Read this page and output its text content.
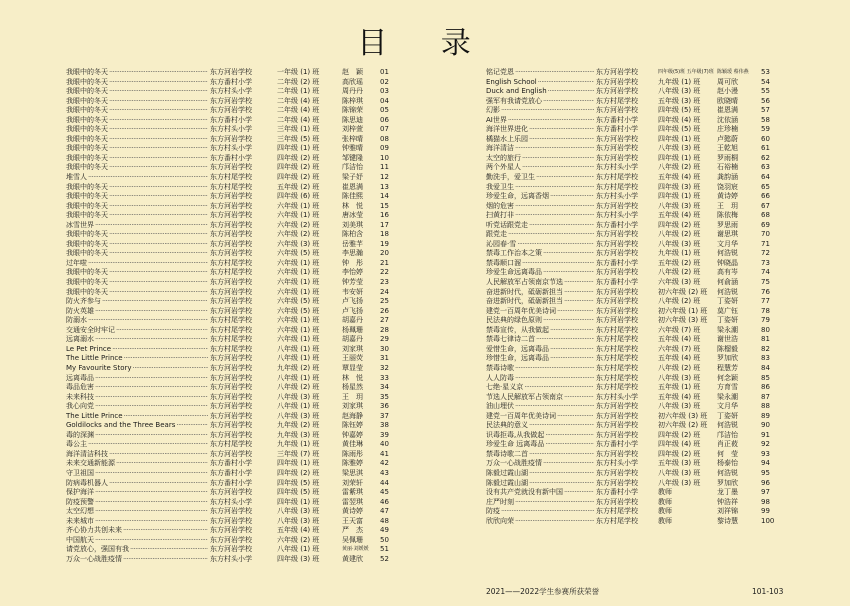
目 录
我眼中的冬天 ·····	东方河岩学校	一年级 (1) 班	赵　颖	01
我眼中的冬天 ·····	东方番村小学	二年级 (2) 班	高欣瑶	02
我眼中的冬天 ·····	东方村头小学	二年级 (1) 班	周丹丹	03
我眼中的冬天 ·····	东方河岩学校	二年级 (4) 班	陈梓琪	04
我眼中的冬天 ·····	东方河岩学校	二年级 (4) 班	陈锦荣	05
我眼中的冬天 ·····	东方番村小学	二年级 (4) 班	陈思迪	06
我眼中的冬天 ·····	东方村头小学	三年级 (1) 班	刘梓萱	07
我眼中的冬天 ·····	东方河岩学校	三年级 (5) 班	张梓晴	08
我眼中的冬天 ·····	东方村头小学	四年级 (1) 班	钟雅晴	09
我眼中的冬天 ·····	东方番村小学	四年级 (2) 班	邹键隆	10
我眼中的冬天 ·····	东方河岩学校	四年级 (2) 班	邝洁怡	11
堆雪人 ·····	东方村尾学校	四年级 (2) 班	梁子妤	12
我眼中的冬天 ·····	东方村尾学校	五年级 (2) 班	崔恩满	13
我眼中的冬天 ·····	东方河岩学校	四年级 (6) 班	陈佳熙	14
我眼中的冬天 ·····	东方河岩学校	六年级 (1) 班	林　悦	15
我眼中的冬天 ·····	东方河岩学校	六年级 (1) 班	唐冰莹	16
冰雪世界 ·····	东方河岩学校	六年级 (2) 班	刘美琪	17
我眼中的冬天 ·····	东方河岩学校	六年级 (2) 班	陈柏含	18
我眼中的冬天 ·····	东方河岩学校	六年级 (3) 班	岳雅芊	19
我眼中的冬天 ·····	东方河岩学校	六年级 (5) 班	李思瀚	20
过年啦 ·····	东方村尾学校	六年级 (1) 班	钟　彤	21
我眼中的冬天 ·····	东方村尾学校	六年级 (1) 班	李怡婷	22
我眼中的冬天 ·····	东方河岩学校	六年级 (1) 班	钟芳莹	23
我眼中的冬天 ·····	东方河岩学校	六年级 (1) 班	韦安妍	24
防火齐参与 ·····	东方河岩学校	六年级 (5) 班	卢飞扬	25
防火英雄 ·····	东方河岩学校	六年级 (5) 班	卢飞扬	26
防溺水 ·····	东方村尾学校	六年级 (1) 班	胡嘉丹	27
交通安全时牢记 ·····	东方村尾学校	六年级 (1) 班	杨珮珊	28
远离溺水 ·····	东方村尾学校	六年级 (1) 班	胡嘉丹	29
Le Pet Prince ·····	东方村尾学校	八年级 (1) 班	刘家琪	30
The Little Prince ·····	东方河岩学校	八年级 (1) 班	王丽荧	31
My Favourite Story ·····	东方河岩学校	九年级 (2) 班	覃显莹	32
远离毒品 ·····	东方河岩学校	八年级 (1) 班	林　悦	33
毒品危害 ·····	东方河岩学校	八年级 (2) 班	杨星然	34
未来科技 ·····	东方河岩学校	八年级 (3) 班	王　玥	35
我心向党 ·····	东方河岩学校	八年级 (1) 班	刘家琪	36
The Little Prince ·····	东方河岩学校	八年级 (3) 班	赵海静	37
Goldilocks and the Three Bears ·····	东方河岩学校	九年级 (2) 班	陈钰婷	38
毒的深渊 ·····	东方河岩学校	九年级 (3) 班	钟嘉婷	39
毒公主 ·····	东方村尾学校	九年级 (1) 班	黄佳琳	40
海洋清洁科技 ·····	东方河岩学校	三年级 (7) 班	陈雨彤	41
未来交通新能源 ·····	东方番村小学	四年级 (1) 班	陈雅婷	42
守卫祖国 ·····	东方番村小学	四年级 (2) 班	梁思淇	43
防病毒机器人 ·····	东方番村小学	四年级 (5) 班	刘荣轩	44
保护海洋 ·····	东方河岩学校	四年级 (5) 班	雷紫琪	45
防疫预警 ·····	东方村头小学	四年级 (1) 班	雷翌琪	46
太空幻想 ·····	东方河岩学校	八年级 (3) 班	黄诗婷	47
未来城市 ·····	东方河岩学校	八年级 (3) 班	王天富	48
齐心协力共创未来 ·····	东方河岩学校	五年级 (4) 班	严　杰	49
中国航天 ·····	东方河岩学校	六年级 (2) 班	吴佩珊	50
请党放心，强国有我 ·····	东方河岩学校	八年级 (1) 班	黄丽·刘媛媛	51
万众一心战胜疫情 ·····	东方村头小学	四年级 (3) 班	黄建欣	52
铭记党恩 ·····	东方河岩学校	四年级(5)班 五年级(7)班 陈颖瑗 蔡伟燕	53
English School ·····	东方河岩学校	九年级 (1) 班	周可欣	54
Duck and English ·····	东方河岩学校	八年级 (3) 班	赵小漫	55
强军有我请党放心 ·····	东方村尾学校	五年级 (3) 班	欧晓晴	56
幻影 ·····	东方河岩学校	四年级 (5) 班	崔恩满	57
AI世界 ·····	东方番村小学	四年级 (4) 班	沈依涵	58
海洋世界进化 ·····	东方番村小学	四年级 (5) 班	庄珍楠	59
橘猫水上乐园 ·····	东方河岩学校	四年级 (1) 班	卢懿蔚	60
海洋清洁 ·····	东方河岩学校	八年级 (3) 班	王乾旭	61
太空的旅行 ·····	东方河岩学校	四年级 (1) 班	罗雨桐	62
两个外星人 ·····	东方村头小学	八年级 (2) 班	石裕楠	63
勤洗手，爱卫生 ·····	东方村尾学校	五年级 (4) 班	龚韵涵	64
我爱卫生 ·····	东方村尾学校	四年级 (3) 班	饶羽宸	65
珍爱生命，远离香烟 ·····	东方村头小学	四年级 (1) 班	黄诗婷	66
烟的危害 ·····	东方河岩学校	八年级 (3) 班	王　玥	67
扫黄打非 ·····	东方村头小学	五年级 (4) 班	陈依梅	68
听党话跟党走 ·····	东方番村小学	四年级 (2) 班	罗思雨	69
跟党走 ·····	东方河岩学校	八年级 (2) 班	谢思琪	70
沁园春·雪 ·····	东方河岩学校	八年级 (3) 班	文月华	71
禁毒工作治本之策 ·····	东方河岩学校	九年级 (1) 班	何浩锐	72
禁毒顺口溜 ·····	东方番村小学	五年级 (2) 班	钟晓晶	73
珍爱生命远离毒品 ·····	东方河岩学校	八年级 (2) 班	高有岑	74
人民解放军占领南京节选 ·····	东方番村小学	六年级 (3) 班	何俞涵	75
奋进新时代，砥砺新担当 ·····	东方河岩学校	初六年级 (2) 班	何浩锐	76
奋进新时代，砥砺新担当 ·····	东方河岩学校	八年级 (2) 班	丁姿妍	77
建党一百周年优美诗词 ·····	东方河岩学校	初六年级 (1) 班	莫广钰	78
民法典的绿色原则 ·····	东方河岩学校	初六年级 (3) 班	丁姿妍	79
禁毒宣传，从我做起 ·····	东方村尾学校	六年级 (7) 班	梁永潮	80
禁毒七律诗二首 ·····	东方村尾学校	五年级 (4) 班	谢世浩	81
爱惜生命，远离毒品 ·····	东方村尾学校	六年级 (7) 班	陈榴毅	82
珍惜生命，远离毒品 ·····	东方村尾学校	五年级 (4) 班	罗加欣	83
禁毒诗歌 ·····	东方村尾学校	八年级 (2) 班	程慧芳	84
人人防毒 ·····	东方村尾学校	八年级 (3) 班	何念颖	85
七绝·星义京 ·····	东方村尾学校	五年级 (1) 班	方育雪	86
节选人民解放军占领南京 ·····	东方村头小学	五年级 (4) 班	梁永潮	87
油山埋伏 ·····	东方河岩学校	八年级 (3) 班	文月华	88
建党一百周年优美诗词 ·····	东方河岩学校	初六年级 (3) 班	丁姿妍	89
民法典的意义 ·····	东方河岩学校	初六年级 (2) 班	何浩锐	90
识毒拒毒,从我做起 ·····	东方河岩学校	四年级 (2) 班	邝洁怡	91
珍爱生命 远离毒品 ·····	东方番村小学	四年级 (4) 班	肖正莜	92
禁毒诗歌二首 ·····	东方河岩学校	四年级 (2) 班	何　莹	93
万众一心战胜疫情 ·····	东方村头小学	五年级 (3) 班	杨泰怡	94
陈毅过霞山湖 ·····	东方河岩学校	八年级 (3) 班	何浩锐	95
陈毅过霞山湖 ·····	东方河岩学校	八年级 (3) 班	罗加欣	96
没有共产党就没有新中国 ·····	东方番村小学	教师	龙丁墨	97
庄严时刻 ·····	东方河岩学校	教师	钟浩祥	98
防疫 ·····	东方村尾学校	教师	刘祥锦	99
欣欣向荣 ·····	东方村尾学校	教师	黎诗慧	100
2021——2022学生参赛所获荣誉	101-103
